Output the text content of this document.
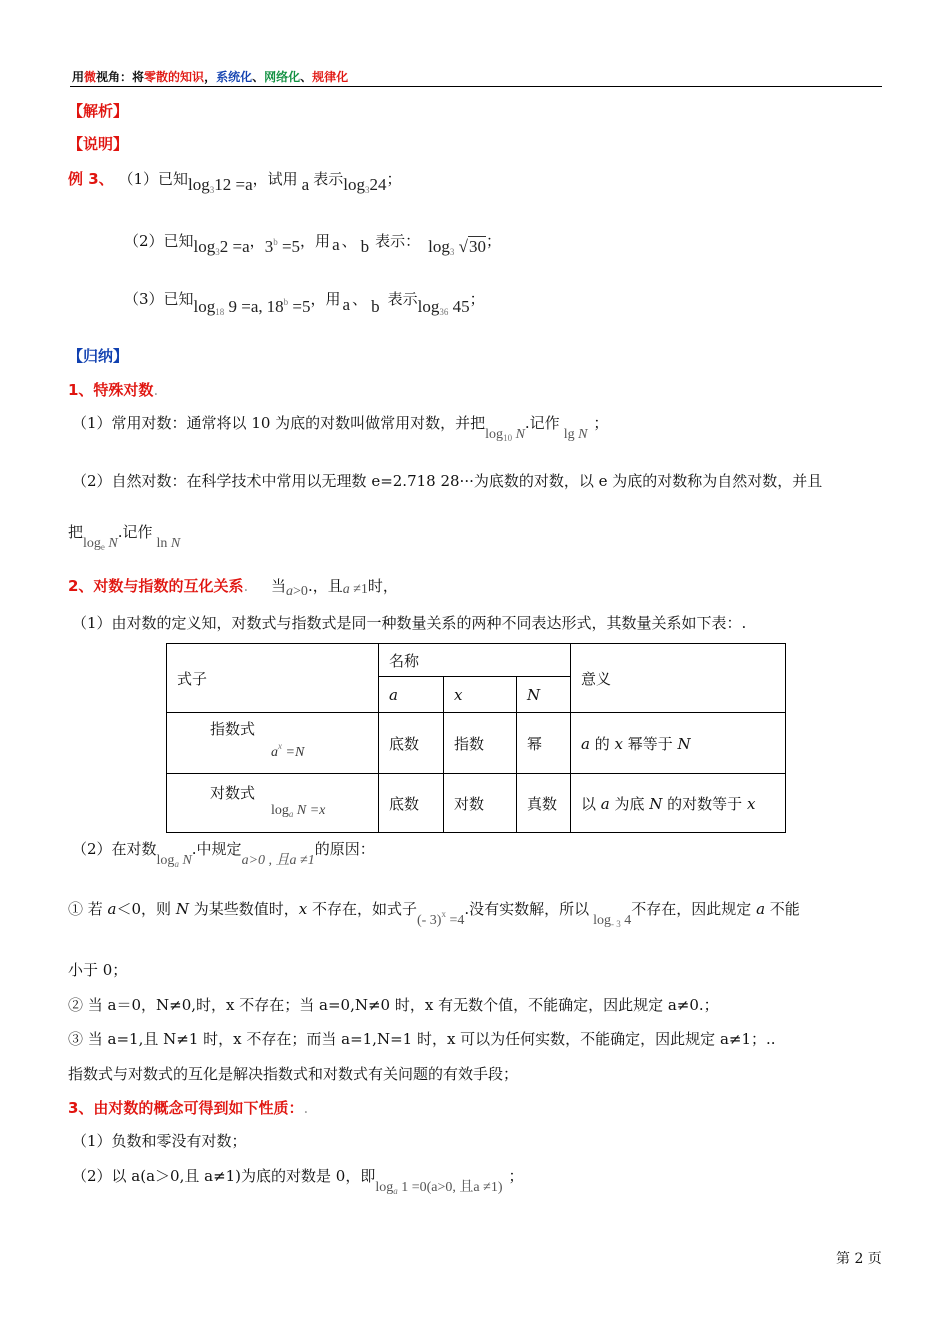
用微视角：将零散的知识，系统化、网络化、规律化
【解析】
【说明】
例 3、 （1）已知$\log_312 =a$，试用 a 表示$\log_324$；
（2）已知$\log_32 =a$，$3^b =5$，用 a 、 b 表示： $\log_3 √30$；
（3）已知$\log_{18} 9 =a$, $18^b =5$，用 a 、 b 表示$\log_{36} 45$；
【归纳】
1、特殊对数.
（1）常用对数：通常将以 10 为底的对数叫做常用对数，并把$\log_{10} N$.记作lg N；
（2）自然对数：在科学技术中常用以无理数 e=2.718 28···为底数的对数，以 e 为底的对数称为自然对数，并且
把$\log_e N$.记作ln N
2、对数与指数的互化关系. 当a>0.，且a ≠1时，
（1）由对数的定义知，对数式与指数式是同一种数量关系的两种不同表达形式，其数量关系如下表：.
式子	名称			意义
	a	x	N	

指数式
$a^x =N$	底数	指数	幂	a 的 x 幂等于 N

对数式
$\log_a N =x$	底数	对数	真数	以 a 为底 N 的对数等于 x
（2）在对数$\log_a N$.中规定a>0 , 且a ≠1的原因：
① 若 a＜0，则 N 为某些数值时，x 不存在，如式子(- 3)$^x$ =4.没有实数解，所以$\log_{- 3} 4$不存在，因此规定 a 不能
小于 0；
② 当 a＝0，N≠0,时，x 不存在；当 a=0,N≠0 时，x 有无数个值，不能确定，因此规定 a≠0.；
③ 当 a=1,且 N≠1 时，x 不存在；而当 a=1,N=1 时，x 可以为任何实数，不能确定，因此规定 a≠1；..
指数式与对数式的互化是解决指数式和对数式有关问题的有效手段；
3、由对数的概念可得到如下性质：.
（1）负数和零没有对数；
（2）以 a(a＞0,且 a≠1)为底的对数是 0，即$\log_a 1 =0(a>0$, 且a ≠1)；
第 2 页
